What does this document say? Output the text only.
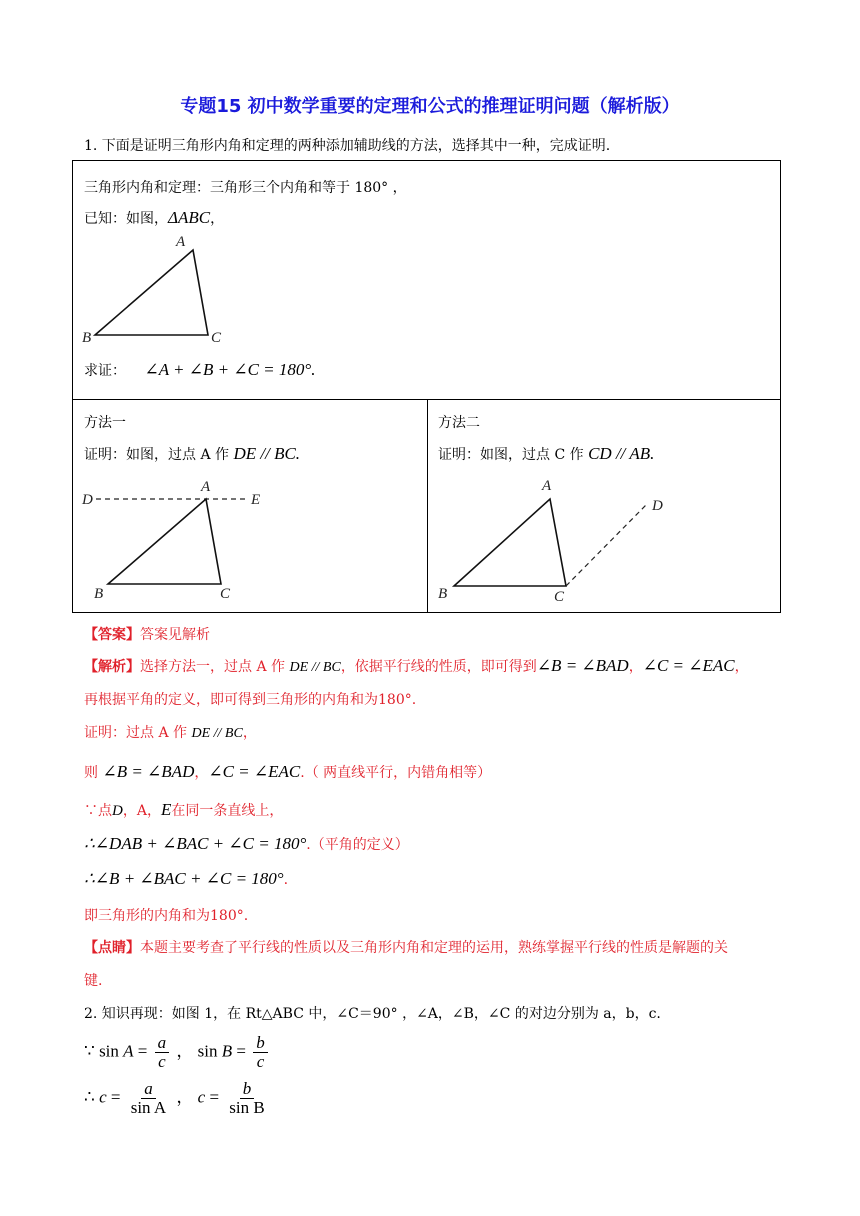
专题15 初中数学重要的定理和公式的推理证明问题（解析版）
1. 下面是证明三角形内角和定理的两种添加辅助线的方法，选择其中一种，完成证明.
三角形内角和定理：三角形三个内角和等于 180° ，
已知：如图，ΔABC，
A
B	C
求证： ∠A + ∠B + ∠C = 180°.
方法一
证明：如图，过点 A 作 DE // BC.
D
A
E
B	C
方法二
证明：如图，过点 C 作 CD // AB.
A
B	C
D
【答案】答案见解析
【解析】选择方法一，过点 A 作 DE // BC，依据平行线的性质，即可得到∠B = ∠BAD，∠C = ∠EAC，
再根据平角的定义，即可得到三角形的内角和为180°.
证明：过点 A 作 DE // BC，
则 ∠B = ∠BAD，∠C = ∠EAC.（ 两直线平行，内错角相等）
∵点D，A，E在同一条直线上，
∴∠DAB + ∠BAC + ∠C = 180°.（平角的定义）
∴∠B + ∠BAC + ∠C = 180°.
即三角形的内角和为180°.
【点睛】本题主要考查了平行线的性质以及三角形内角和定理的运用，熟练掌握平行线的性质是解题的关
键.
2. 知识再现：如图 1，在 Rt△ABC 中，∠C＝90° ，∠A，∠B，∠C 的对边分别为 a，b，c.
∵ $\sin A = \frac{a}{c}$ ， $\sin B = \frac{b}{c}$
∴ $c = \frac{a}{\text{sin A}}$ ， $c = \frac{b}{\text{sin B}}$
